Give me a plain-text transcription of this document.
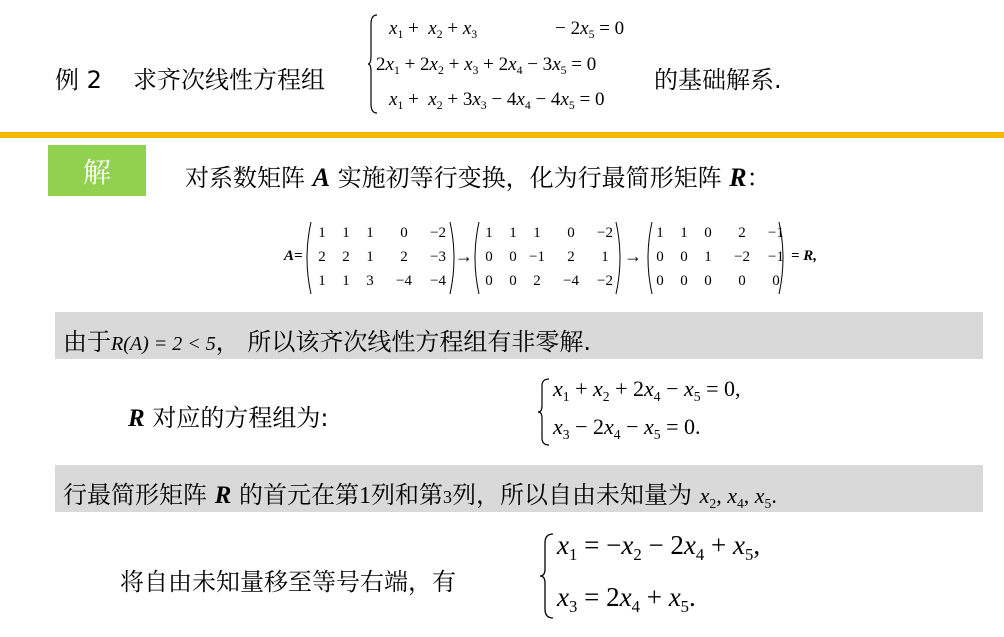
例 2 求齐次线性方程组
$x_1 + x_2 + x_3$	− $2x_5 = 0$
$2x_1 + 2x_2 + x_3 + 2x_4 - 3x_5 = 0$
$x_1 + x_2 + 3x_3 - 4x_4 - 4x_5 = 0$
的基础解系.
解	对系数矩阵 A 实施初等行变换，化为行最简形矩阵 R：
A=
1	1	1	0	−2
2	2	1	2	−3
1	1	3	−4	−4
→
1	1	1	0	−2
0	0 −1	2	1
0	0	2	−4	−2
→
1	1	0	2	−1
0	0	1	−2	−1
0	0	0	0	0
= R,
由于R(A) = 2 < 5， 所以该齐次线性方程组有非零解.
R 对应的方程组为:
$x_1 + x_2 + 2x_4 - x_5 = 0$,
$x_3 - 2x_4 - x_5 = 0$.
行最简形矩阵 R 的首元在第1列和第3列，所以自由未知量为 $x_2$, $x_4$, $x_5$.
将自由未知量移至等号右端，有
$x_1 = -x_2 - 2x_4 + x_5$,
$x_3 = 2x_4 + x_5$.
